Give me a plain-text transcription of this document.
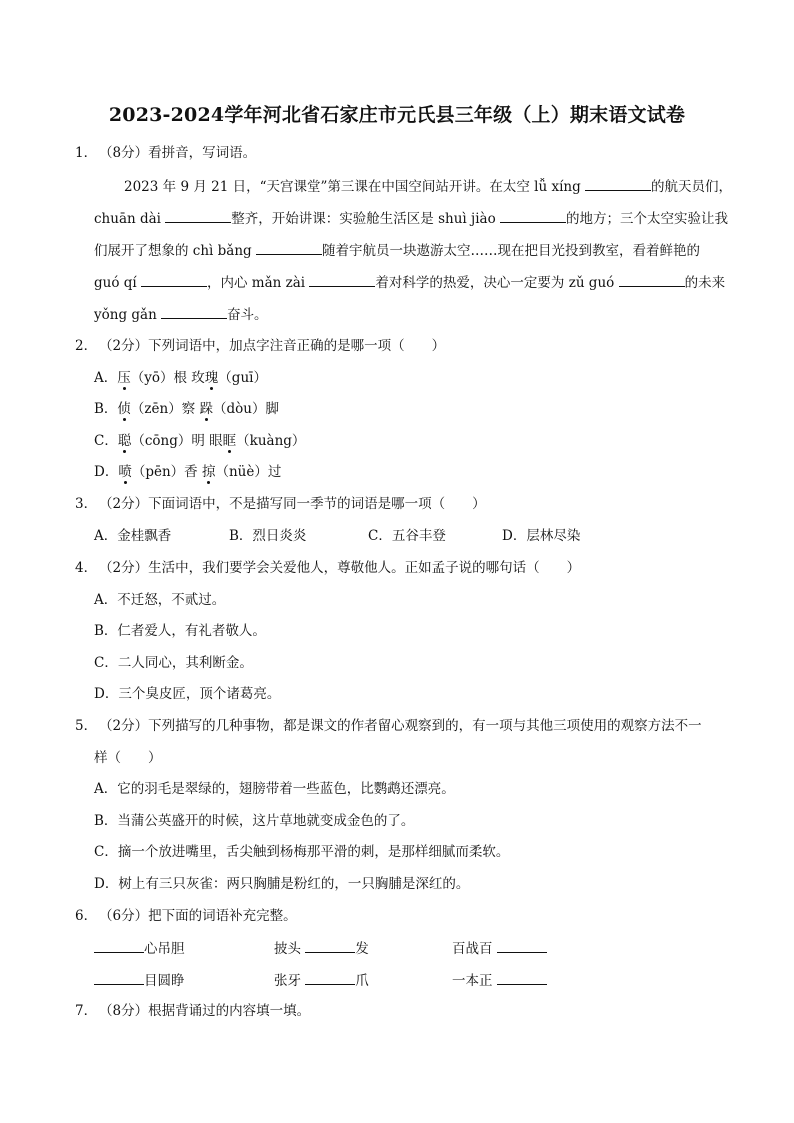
2023-2024学年河北省石家庄市元氏县三年级（上）期末语文试卷
1． （8分）看拼音，写词语。
2023 年 9 月 21 日，“天宫课堂”第三课在中国空间站开讲。在太空 lǚ xíng	的航天员们，
chuān dài	整齐，开始讲课：实验舱生活区是 shuì jiào	的地方；三个太空实验让我
们展开了想象的 chì bǎng	随着宇航员一块遨游太空……现在把目光投到教室，看着鲜艳的
guó qí	，内心 mǎn zài	着对科学的热爱，决心一定要为 zǔ guó	的未来
yǒng gǎn	奋斗。
2． （2分）下列词语中，加点字注音正确的是哪一项（　　）
A．压（yō）根 玫瑰（guī）
B．侦（zēn）察 跺（dòu）脚
C．聪（cōng）明 眼眶（kuàng）
D．喷（pēn）香 掠（nüè）过
3． （2分）下面词语中，不是描写同一季节的词语是哪一项（　　）
A．金桂飘香	B．烈日炎炎	C．五谷丰登	D．层林尽染
4． （2分）生活中，我们要学会关爱他人，尊敬他人。正如孟子说的哪句话（　　）
A．不迁怒，不贰过。
B．仁者爱人，有礼者敬人。
C．二人同心，其利断金。
D．三个臭皮匠，顶个诸葛亮。
5． （2分）下列描写的几种事物，都是课文的作者留心观察到的，有一项与其他三项使用的观察方法不一
样（　　）
A．它的羽毛是翠绿的，翅膀带着一些蓝色，比鹦鹉还漂亮。
B．当蒲公英盛开的时候，这片草地就变成金色的了。
C．摘一个放进嘴里，舌尖触到杨梅那平滑的刺，是那样细腻而柔软。
D．树上有三只灰雀：两只胸脯是粉红的，一只胸脯是深红的。
6． （6分）把下面的词语补充完整。
心吊胆	披头	发	百战百
目圆睁	张牙	爪	一本正
7． （8分）根据背诵过的内容填一填。
